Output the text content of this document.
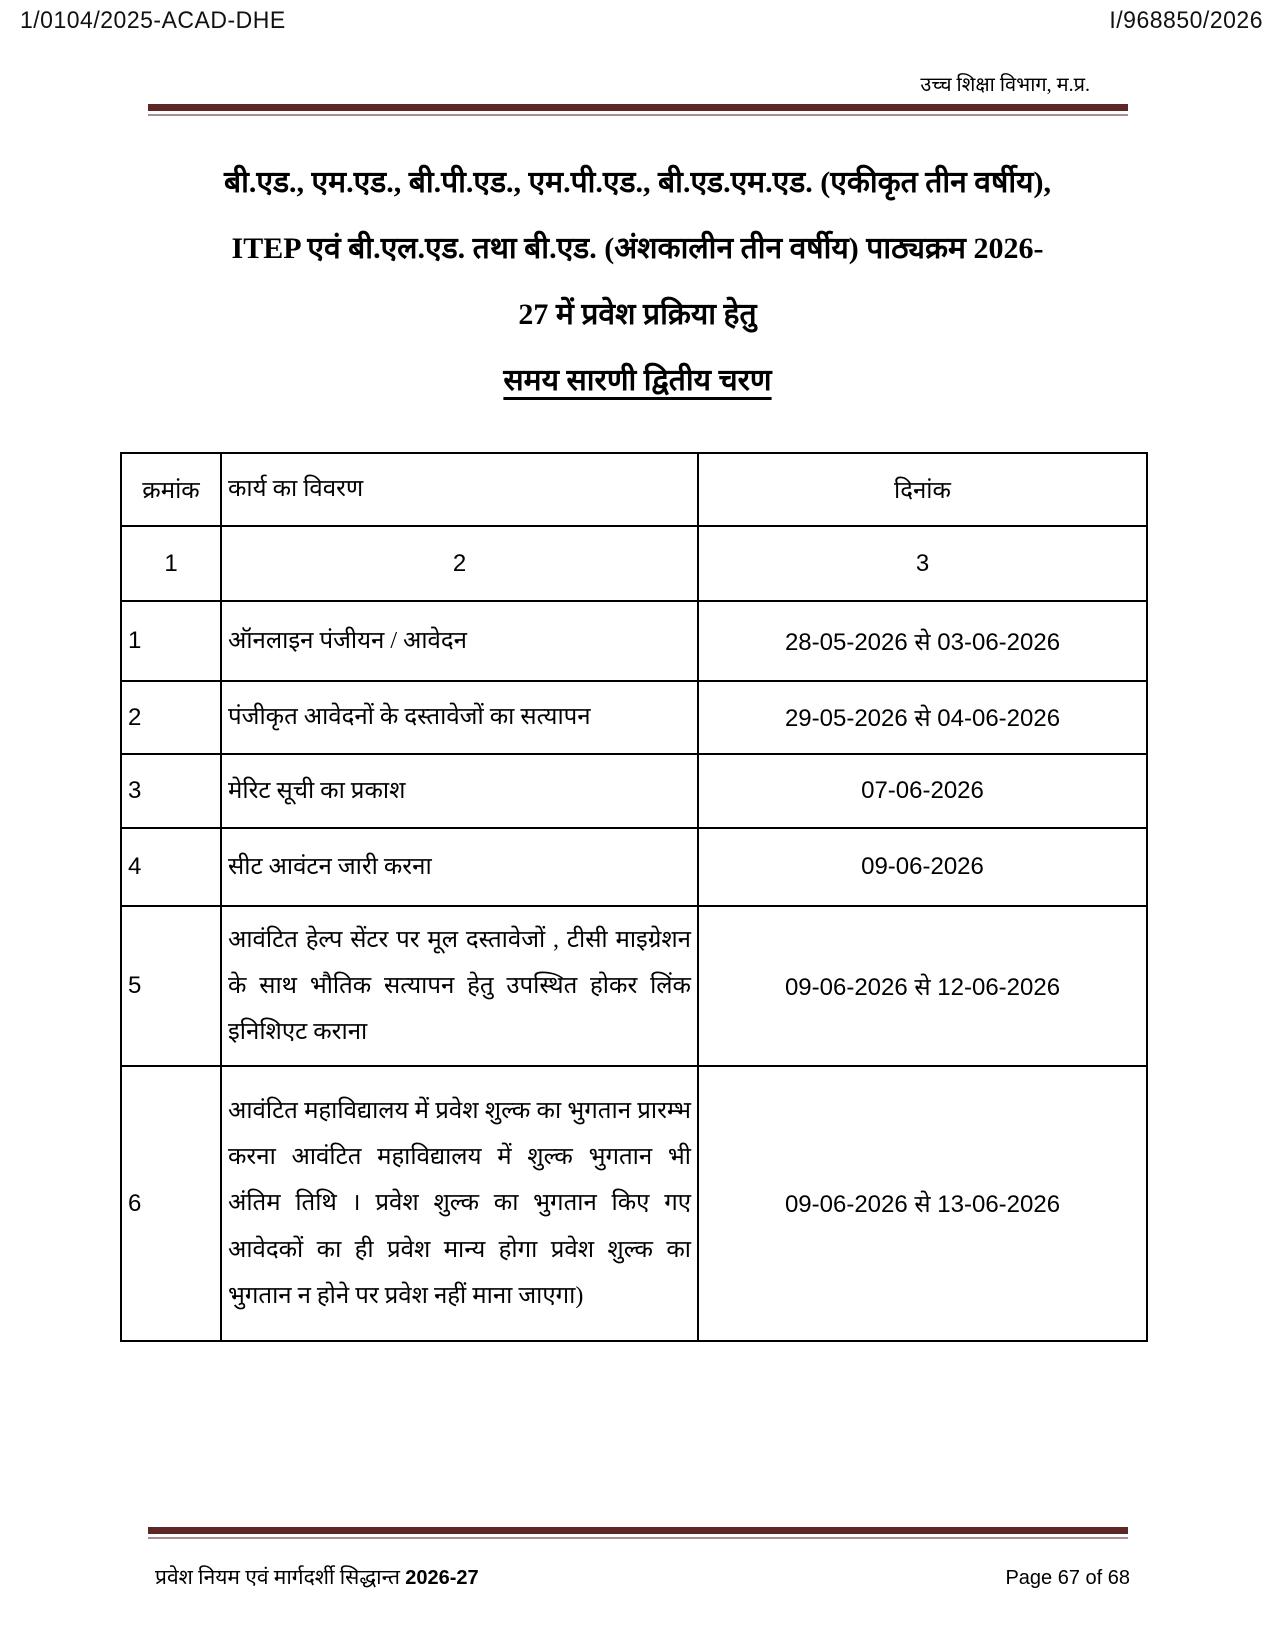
1/0104/2025-ACAD-DHE	I/968850/2026
उच्च शिक्षा विभाग, म.प्र.
बी.एड., एम.एड., बी.पी.एड., एम.पी.एड., बी.एड.एम.एड. (एकीकृत तीन वर्षीय),
ITEP एवं बी.एल.एड. तथा बी.एड. (अंशकालीन तीन वर्षीय) पाठ्यक्रम 2026-
27 में प्रवेश प्रक्रिया हेतु
समय सारणी द्वितीय चरण
क्रमांक	कार्य का विवरण	दिनांक
1	2	3
1	ऑनलाइन पंजीयन / आवेदन	28-05-2026 से 03-06-2026
2	पंजीकृत आवेदनों के दस्तावेजों का सत्यापन	29-05-2026 से 04-06-2026
3	मेरिट सूची का प्रकाश	07-06-2026
4	सीट आवंटन जारी करना	09-06-2026
5	आवंटित हेल्प सेंटर पर मूल दस्तावेजों , टीसी माइग्रेशन के साथ भौतिक सत्यापन हेतु उपस्थित होकर लिंक इनिशिएट कराना	09-06-2026 से 12-06-2026
6	आवंटित महाविद्यालय में प्रवेश शुल्क का भुगतान प्रारम्भ करना आवंटित महाविद्यालय में शुल्क भुगतान भी अंतिम तिथि । प्रवेश शुल्क का भुगतान किए गए आवेदकों का ही प्रवेश मान्य होगा प्रवेश शुल्क का भुगतान न होने पर प्रवेश नहीं माना जाएगा)	09-06-2026 से 13-06-2026
प्रवेश नियम एवं मार्गदर्शी सिद्धान्त 2026-27	Page 67 of 68
